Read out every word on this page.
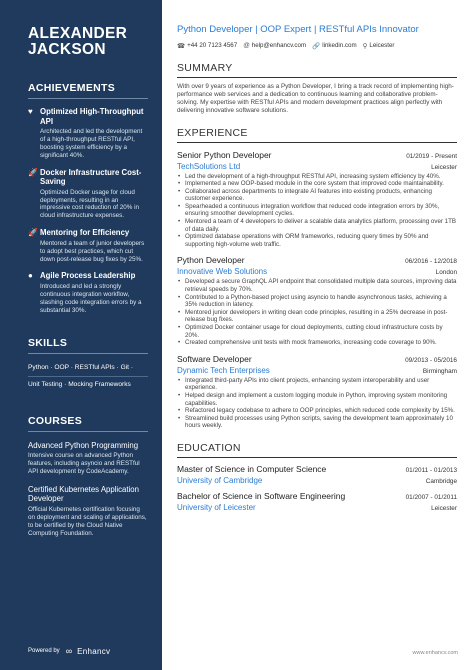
ALEXANDER
JACKSON
ACHIEVEMENTS
♥ Optimized High-Throughput API
Architected and led the development of a high-throughput RESTful API, boosting system efficiency by a significant 40%.
🚀 Docker Infrastructure Cost-Saving
Optimized Docker usage for cloud deployments, resulting in an impressive cost reduction of 20% in cloud infrastructure expenses.
🚀 Mentoring for Efficiency
Mentored a team of junior developers to adopt best practices, which cut down post-release bug fixes by 25%.
● Agile Process Leadership
Introduced and led a strongly continuous integration workflow, slashing code integration errors by a substantial 30%.
SKILLS
Python · OOP · RESTful APIs · Git ·
Unit Testing · Mocking Frameworks
COURSES
Advanced Python Programming
Intensive course on advanced Python features, including asyncio and RESTful API development by CodeAcademy.
Certified Kubernetes Application Developer
Official Kubernetes certification focusing on deployment and scaling of applications, to be certified by the Cloud Native Computing Foundation.
Powered by ∞ Enhancv
Python Developer | OOP Expert | RESTful APIs Innovator
☎ +44 20 7123 4567 @ help@enhancv.com 🔗 linkedin.com ⚲ Leicester
SUMMARY
With over 9 years of experience as a Python Developer, I bring a track record of implementing high-performance web services and a dedication to continuous learning and collaborative problem-solving. My expertise with RESTful APIs and modern development practices align perfectly with delivering innovative software solutions.
EXPERIENCE
Senior Python Developer	01/2019 - Present
TechSolutions Ltd	Leicester
• Led the development of a high-throughput RESTful API, increasing system efficiency by 40%.
• Implemented a new OOP-based module in the core system that improved code maintainability.
• Collaborated across departments to integrate AI features into existing products, enhancing customer experience.
• Spearheaded a continuous integration workflow that reduced code integration errors by 30%, ensuring smoother development cycles.
• Mentored a team of 4 developers to deliver a scalable data analytics platform, processing over 1TB of data daily.
• Optimized database operations with ORM frameworks, reducing query times by 50% and supporting high-volume web traffic.
Python Developer	06/2016 - 12/2018
Innovative Web Solutions	London
• Developed a secure GraphQL API endpoint that consolidated multiple data sources, improving data retrieval speeds by 70%.
• Contributed to a Python-based project using asyncio to handle asynchronous tasks, achieving a 35% reduction in latency.
• Mentored junior developers in writing clean code principles, resulting in a 25% decrease in post-release bug fixes.
• Optimized Docker container usage for cloud deployments, cutting cloud infrastructure costs by 20%.
• Created comprehensive unit tests with mock frameworks, increasing code coverage to 90%.
Software Developer	09/2013 - 05/2016
Dynamic Tech Enterprises	Birmingham
• Integrated third-party APIs into client projects, enhancing system interoperability and user experience.
• Helped design and implement a custom logging module in Python, improving system monitoring capabilities.
• Refactored legacy codebase to adhere to OOP principles, which reduced code complexity by 15%.
• Streamlined build processes using Python scripts, saving the development team approximately 10 hours weekly.
EDUCATION
Master of Science in Computer Science	01/2011 - 01/2013
University of Cambridge	Cambridge
Bachelor of Science in Software Engineering	01/2007 - 01/2011
University of Leicester	Leicester
www.enhancv.com
